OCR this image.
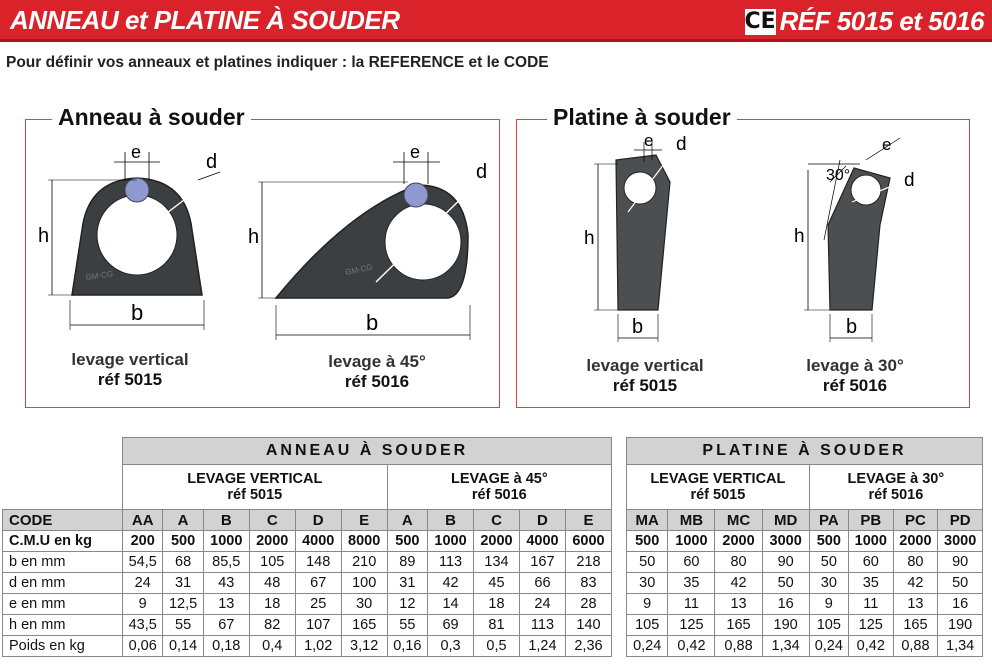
ANNEAU et PLATINE À SOUDER	CE RÉF 5015 et 5016
Pour définir vos anneaux et platines indiquer : la REFERENCE et le CODE
Anneau à souder
GM-CG
e	d
h
b
levage vertical
réf 5015
GM-CG
e
d
h
b
levage à 45°
réf 5016
Platine à souder
e d
h
b
levage vertical
réf 5015
30°
e
d
h
b
levage à 30°
réf 5016
	ANNEAU À SOUDER										
	LEVAGE VERTICAL
réf 5015						LEVAGE à 45°
réf 5016				
CODE	AA	A	B	C	D	E	A	B	C	D	E
C.M.U en kg	200	500	1000	2000	4000	8000	500	1000	2000	4000	6000
b en mm	54,5	68	85,5	105	148	210	89	113	134	167	218
d en mm	24	31	43	48	67	100	31	42	45	66	83
e en mm	9	12,5	13	18	25	30	12	14	18	24	28
h en mm	43,5	55	67	82	107	165	55	69	81	113	140
Poids en kg	0,06	0,14	0,18	0,4	1,02	3,12	0,16	0,3	0,5	1,24	2,36
PLATINE À SOUDER							
LEVAGE VERTICAL
réf 5015				LEVAGE à 30°
réf 5016			
MA	MB	MC	MD	PA	PB	PC	PD
500	1000	2000	3000	500	1000	2000	3000
50	60	80	90	50	60	80	90
30	35	42	50	30	35	42	50
9	11	13	16	9	11	13	16
105	125	165	190	105	125	165	190
0,24	0,42	0,88	1,34	0,24	0,42	0,88	1,34
